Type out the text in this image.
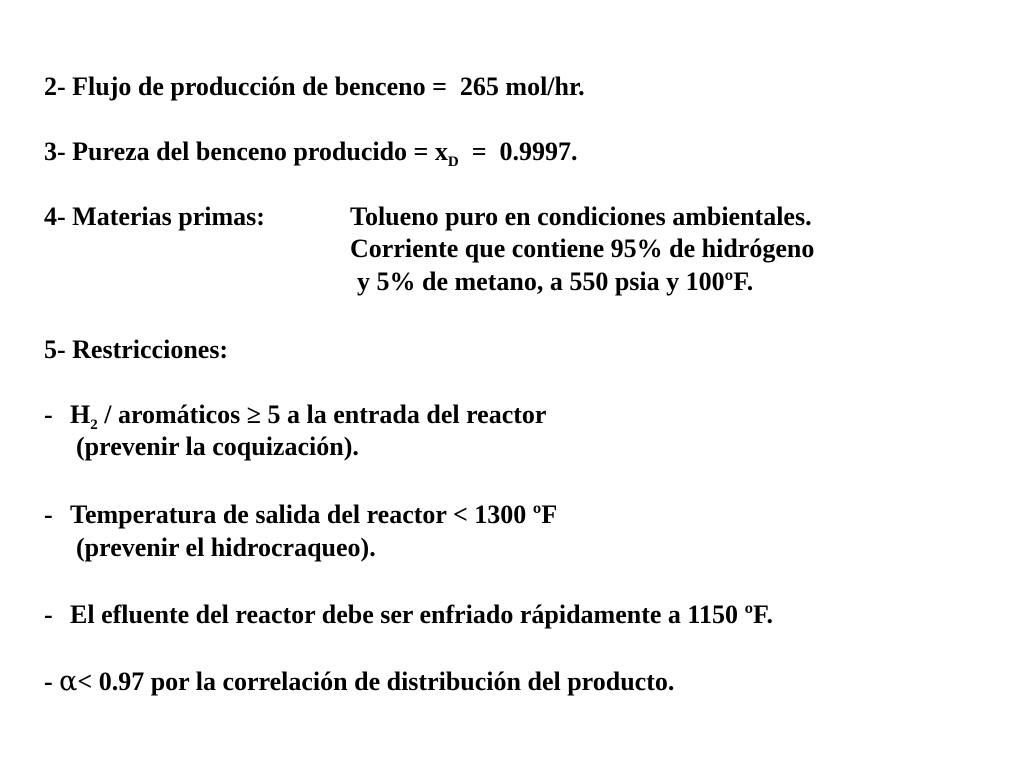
2- Flujo de producción de benceno =  265 mol/hr.
3- Pureza del benceno producido = $x_D = 0.9997$.
4- Materias primas:	Tolueno puro en condiciones ambientales.
Corriente que contiene 95% de hidrógeno
y 5% de metano, a 550 psia y 100ºF.
5- Restricciones:
- $H_2$ / aromáticos ≥ 5 a la entrada del reactor
(prevenir la coquización).
- Temperatura de salida del reactor < 1300 ºF
(prevenir el hidrocraqueo).
- El efluente del reactor debe ser enfriado rápidamente a 1150 ºF.
- α< 0.97 por la correlación de distribución del producto.
